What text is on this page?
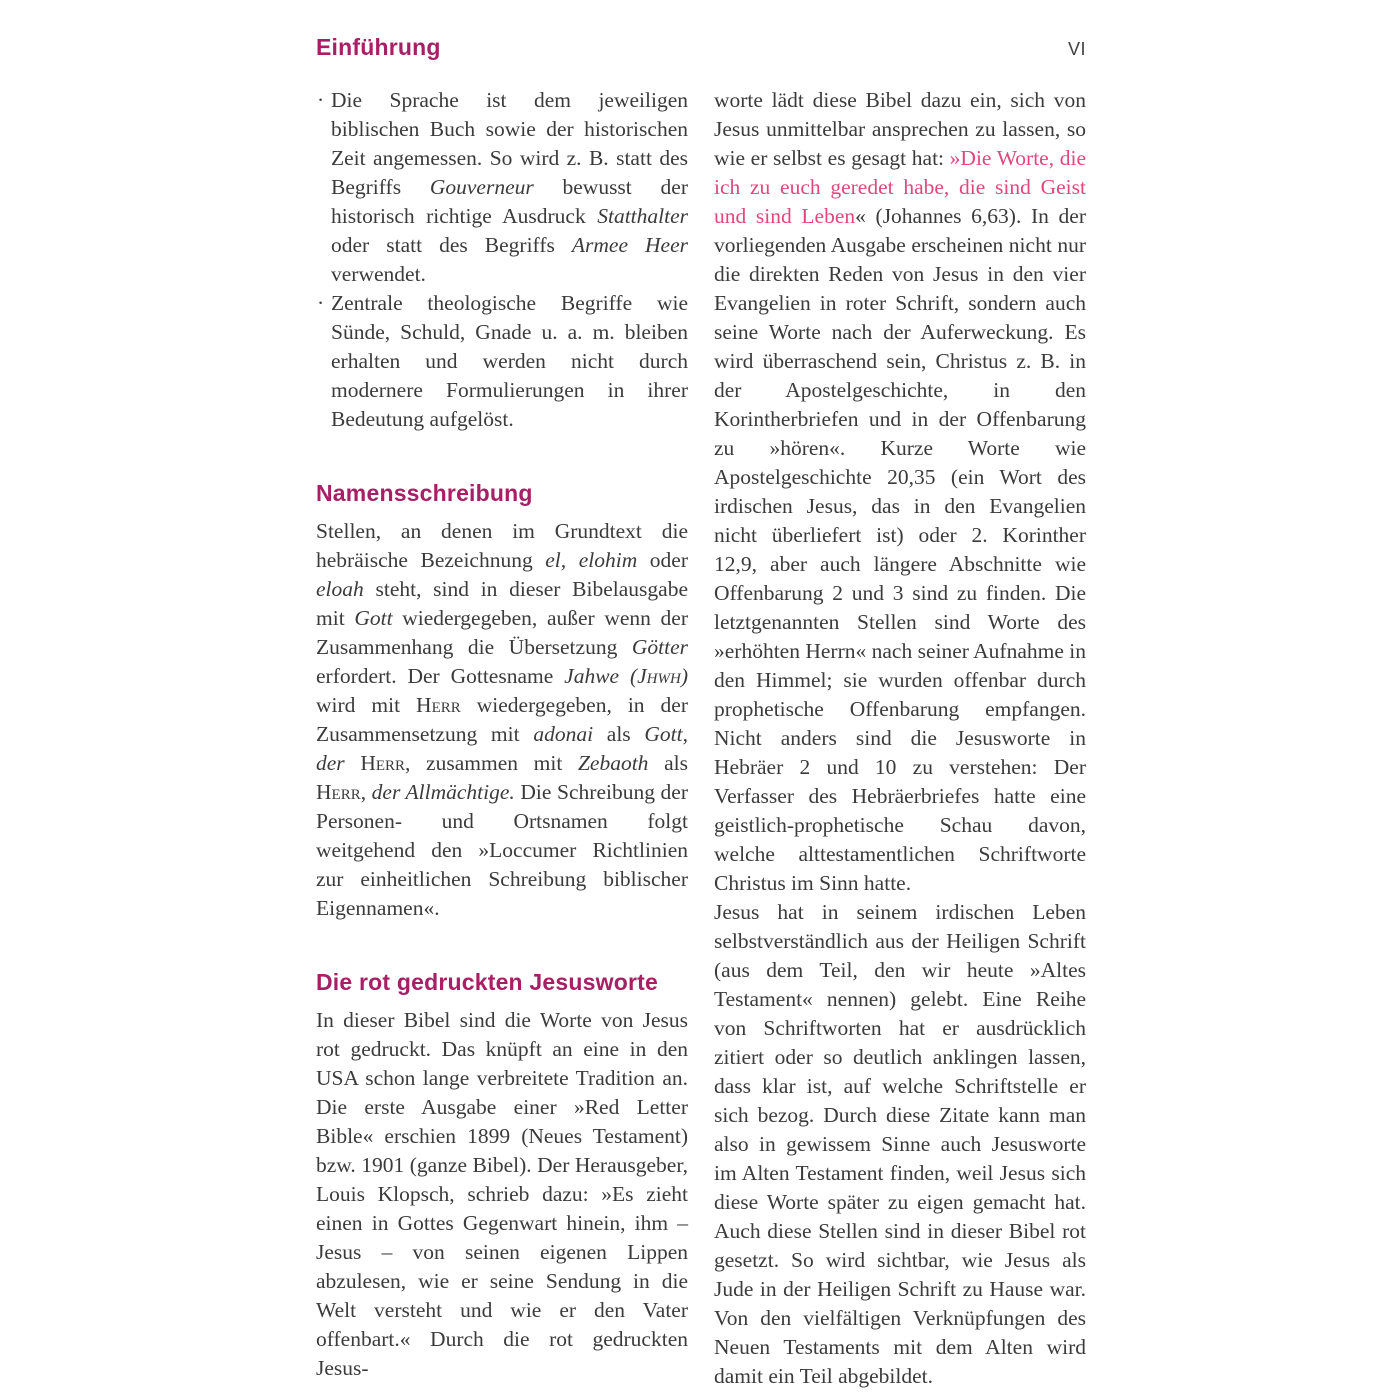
Einführung	VI
· Die Sprache ist dem jeweiligen biblischen Buch sowie der historischen Zeit angemessen. So wird z. B. statt des Begriffs Gouverneur bewusst der historisch richtige Ausdruck Statthalter oder statt des Begriffs Armee Heer verwendet.
· Zentrale theologische Begriffe wie Sünde, Schuld, Gnade u. a. m. bleiben erhalten und werden nicht durch modernere Formulierungen in ihrer Bedeutung aufgelöst.
Namensschreibung

Stellen, an denen im Grundtext die hebräische Bezeichnung el, elohim oder eloah steht, sind in dieser Bibelausgabe mit Gott wiedergegeben, außer wenn der Zusammenhang die Übersetzung Götter erfordert. Der Gottesname Jahwe (Jhwh) wird mit Herr wiedergegeben, in der Zusammensetzung mit adonai als Gott, der Herr, zusammen mit Zebaoth als Herr, der Allmächtige. Die Schreibung der Personen- und Ortsnamen folgt weitgehend den »Loccumer Richtlinien zur einheitlichen Schreibung biblischer Eigennamen«.

Die rot gedruckten Jesusworte

In dieser Bibel sind die Worte von Jesus rot gedruckt. Das knüpft an eine in den USA schon lange verbreitete Tradition an. Die erste Ausgabe einer »Red Letter Bible« erschien 1899 (Neues Testament) bzw. 1901 (ganze Bibel). Der Herausgeber, Louis Klopsch, schrieb dazu: »Es zieht einen in Gottes Gegenwart hinein, ihm – Jesus – von seinen eigenen Lippen abzulesen, wie er seine Sendung in die Welt versteht und wie er den Vater offenbart.« Durch die rot gedruckten Jesus-

worte lädt diese Bibel dazu ein, sich von Jesus unmittelbar ansprechen zu lassen, so wie er selbst es gesagt hat: »Die Worte, die ich zu euch geredet habe, die sind Geist und sind Leben« (Johannes 6,63). In der vorliegenden Ausgabe erscheinen nicht nur die direkten Reden von Jesus in den vier Evangelien in roter Schrift, sondern auch seine Worte nach der Auferweckung. Es wird überraschend sein, Christus z. B. in der Apostelgeschichte, in den Korintherbriefen und in der Offenbarung zu »hören«. Kurze Worte wie Apostelgeschichte 20,35 (ein Wort des irdischen Jesus, das in den Evangelien nicht überliefert ist) oder 2. Korinther 12,9, aber auch längere Abschnitte wie Offenbarung 2 und 3 sind zu finden. Die letztgenannten Stellen sind Worte des »erhöhten Herrn« nach seiner Aufnahme in den Himmel; sie wurden offenbar durch prophetische Offenbarung empfangen. Nicht anders sind die Jesusworte in Hebräer 2 und 10 zu verstehen: Der Verfasser des Hebräerbriefes hatte eine geistlich-prophetische Schau davon, welche alttestamentlichen Schriftworte Christus im Sinn hatte.

Jesus hat in seinem irdischen Leben selbstverständlich aus der Heiligen Schrift (aus dem Teil, den wir heute »Altes Testament« nennen) gelebt. Eine Reihe von Schriftworten hat er ausdrücklich zitiert oder so deutlich anklingen lassen, dass klar ist, auf welche Schriftstelle er sich bezog. Durch diese Zitate kann man also in gewissem Sinne auch Jesusworte im Alten Testament finden, weil Jesus sich diese Worte später zu eigen gemacht hat. Auch diese Stellen sind in dieser Bibel rot gesetzt. So wird sichtbar, wie Jesus als Jude in der Heiligen Schrift zu Hause war. Von den vielfältigen Verknüpfungen des Neuen Testaments mit dem Alten wird damit ein Teil abgebildet.
